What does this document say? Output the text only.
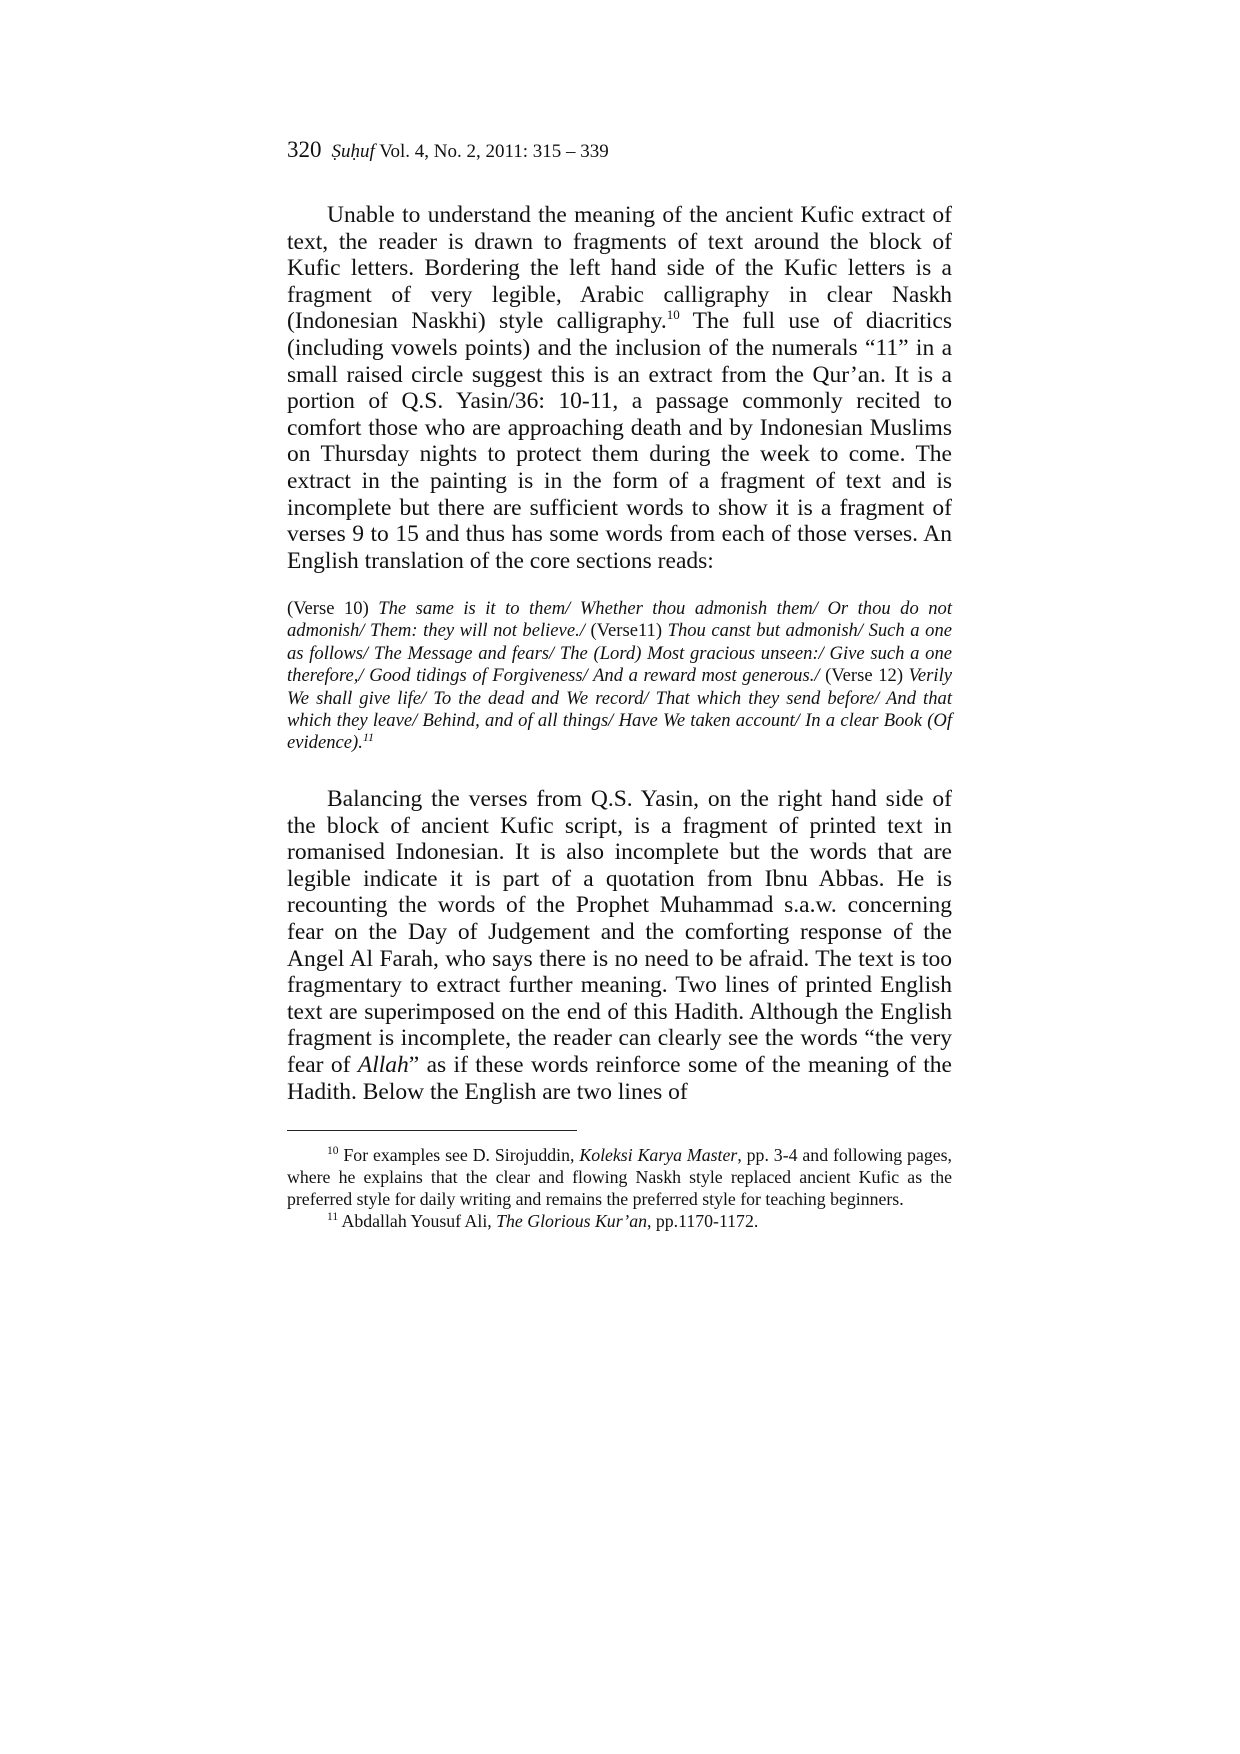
320 Ṣuḥuf Vol. 4, No. 2, 2011: 315 – 339

Unable to understand the meaning of the ancient Kufic extract of text, the reader is drawn to fragments of text around the block of Kufic letters. Bordering the left hand side of the Kufic letters is a fragment of very legible, Arabic calligraphy in clear Naskh (Indonesian Naskhi) style calligraphy.$^{10}$ The full use of diacritics (including vowels points) and the inclusion of the numerals “11” in a small raised circle suggest this is an extract from the Qur’an. It is a portion of Q.S. Yasin/36: 10-11, a passage commonly recited to comfort those who are approaching death and by Indonesian Muslims on Thursday nights to protect them during the week to come. The extract in the painting is in the form of a fragment of text and is incomplete but there are sufficient words to show it is a fragment of verses 9 to 15 and thus has some words from each of those verses. An English translation of the core sections reads:

(Verse 10) The same is it to them/ Whether thou admonish them/ Or thou do not admonish/ Them: they will not believe./ (Verse11) Thou canst but admonish/ Such a one as follows/ The Message and fears/ The (Lord) Most gracious unseen:/ Give such a one therefore,/ Good tidings of Forgiveness/ And a reward most generous./ (Verse 12) Verily We shall give life/ To the dead and We record/ That which they send before/ And that which they leave/ Behind, and of all things/ Have We taken account/ In a clear Book (Of evidence).$^{11}$

Balancing the verses from Q.S. Yasin, on the right hand side of the block of ancient Kufic script, is a fragment of printed text in romanised Indonesian. It is also incomplete but the words that are legible indicate it is part of a quotation from Ibnu Abbas. He is recounting the words of the Prophet Muhammad s.a.w. concerning fear on the Day of Judgement and the comforting response of the Angel Al Farah, who says there is no need to be afraid. The text is too fragmentary to extract further meaning. Two lines of printed English text are superimposed on the end of this Hadith. Although the English fragment is incomplete, the reader can clearly see the words “the very fear of Allah” as if these words reinforce some of the meaning of the Hadith. Below the English are two lines of

$^{10}$ For examples see D. Sirojuddin, Koleksi Karya Master, pp. 3-4 and following pages, where he explains that the clear and flowing Naskh style replaced ancient Kufic as the preferred style for daily writing and remains the preferred style for teaching beginners.

$^{11}$ Abdallah Yousuf Ali, The Glorious Kur’an, pp.1170-1172.
